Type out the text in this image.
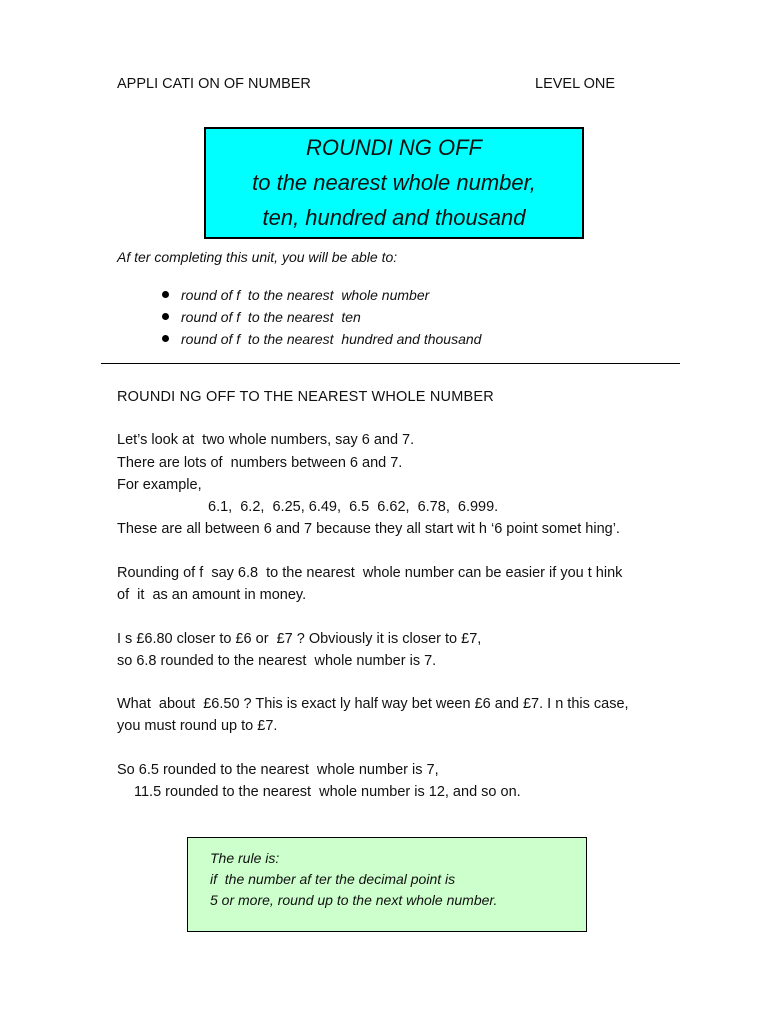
APPLI CATI ON OF NUMBER	LEVEL ONE
ROUNDI NG OFF
to the nearest whole number,
ten, hundred and thousand
Af ter completing this unit, you will be able to:
round of f  to the nearest  whole number
round of f  to the nearest  ten
round of f  to the nearest  hundred and thousand
ROUNDI NG OFF TO THE NEAREST WHOLE NUMBER
Let’s look at  two whole numbers, say 6 and 7.
There are lots of  numbers between 6 and 7.
For example,
6.1,  6.2,  6.25, 6.49,  6.5  6.62,  6.78,  6.999.
These are all between 6 and 7 because they all start wit h ‘6 point somet hing’.
Rounding of f  say 6.8  to the nearest  whole number can be easier if you t hink
of  it  as an amount in money.
I s £6.80 closer to £6 or  £7 ? Obviously it is closer to £7,
so 6.8 rounded to the nearest  whole number is 7.
What  about  £6.50 ? This is exact ly half way bet ween £6 and £7. I n this case,
you must round up to £7.
So 6.5 rounded to the nearest  whole number is 7,
11.5 rounded to the nearest  whole number is 12, and so on.
The rule is:
if  the number af ter the decimal point is
5 or more, round up to the next whole number.
